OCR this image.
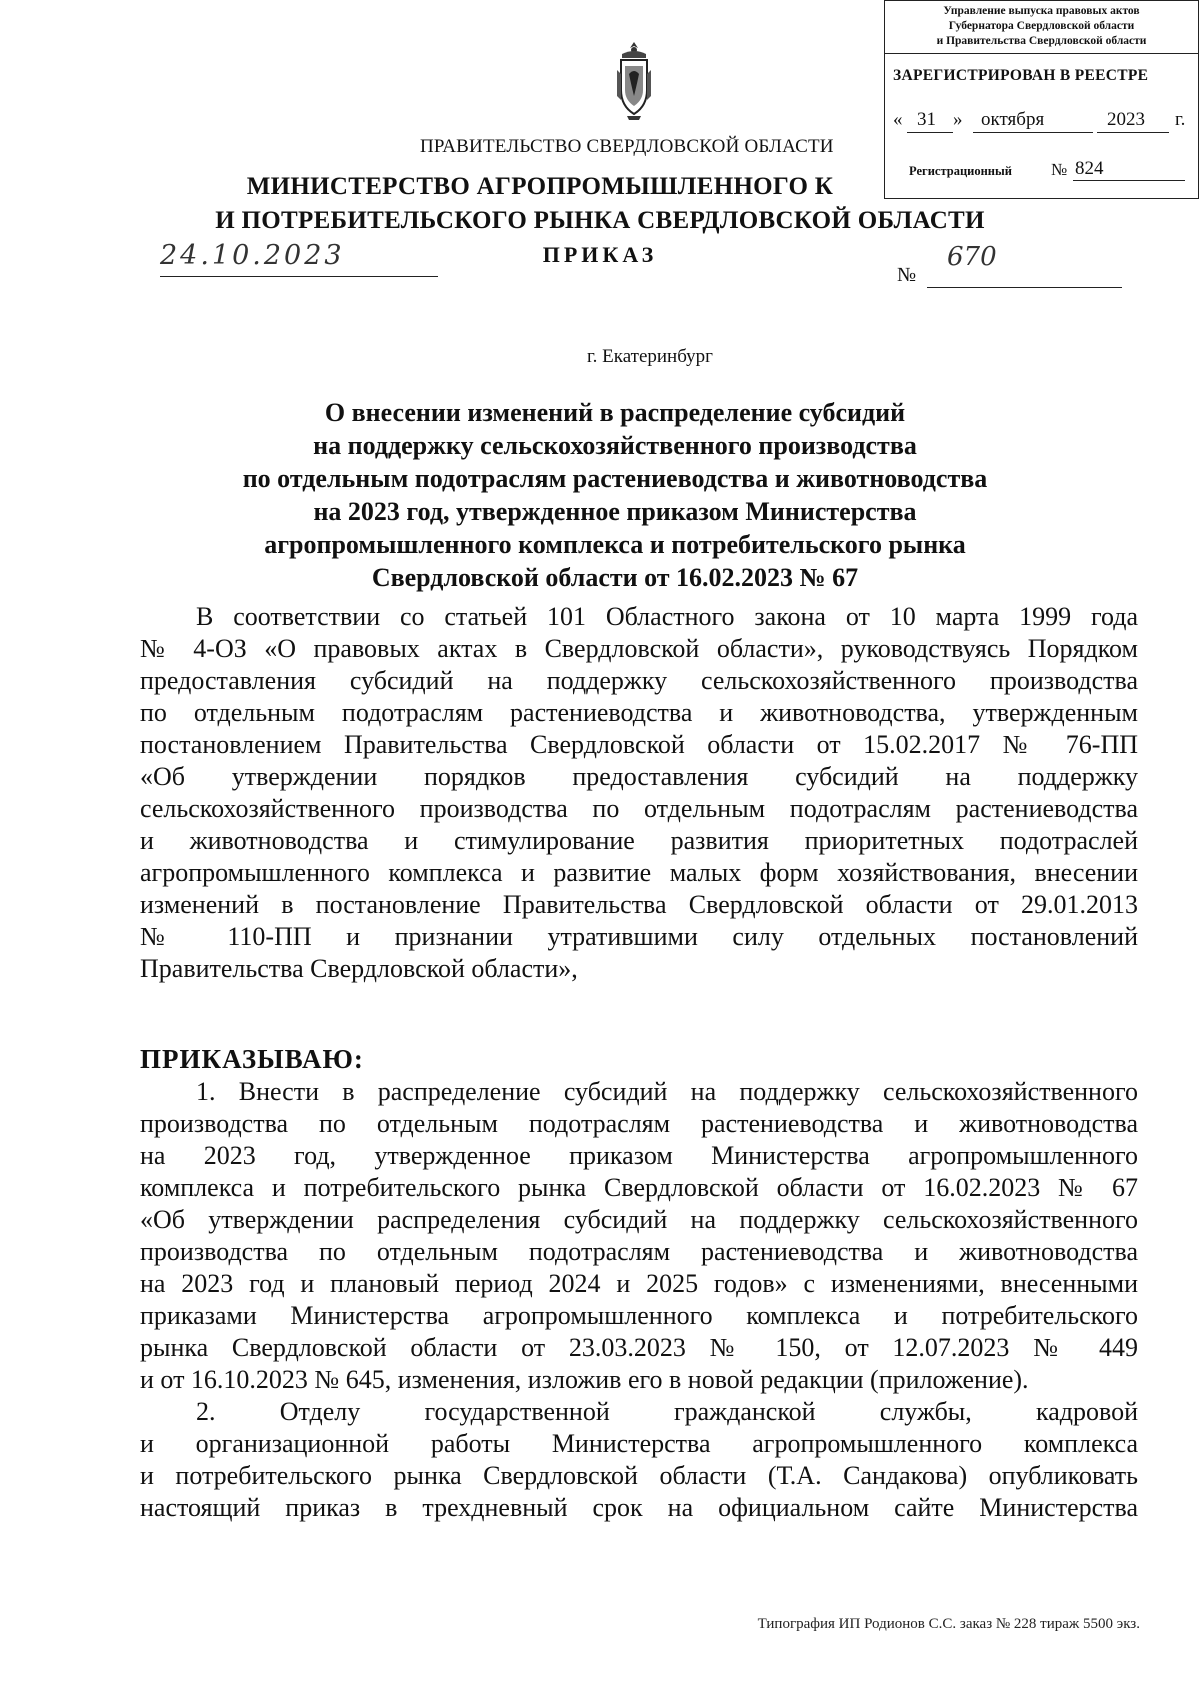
Управление выпуска правовых актов
Губернатора Свердловской области
и Правительства Свердловской области
ЗАРЕГИСТРИРОВАН В РЕЕСТРЕ
« 31 » октября	2023 г.
Регистрационный № 824
ПРАВИТЕЛЬСТВО СВЕРДЛОВСКОЙ ОБЛАСТИ
МИНИСТЕРСТВО АГРОПРОМЫШЛЕННОГО К
И ПОТРЕБИТЕЛЬСКОГО РЫНКА СВЕРДЛОВСКОЙ ОБЛАСТИ
ПРИКАЗ
24.10.2023
№
670
г. Екатеринбург
О внесении изменений в распределение субсидий
на поддержку сельскохозяйственного производства
по отдельным подотраслям растениеводства и животноводства
на 2023 год, утвержденное приказом Министерства
агропромышленного комплекса и потребительского рынка
Свердловской области от 16.02.2023 № 67
В соответствии со статьей 101 Областного закона от 10 марта 1999 года
№ 4-ОЗ «О правовых актах в Свердловской области», руководствуясь Порядком
предоставления субсидий на поддержку сельскохозяйственного производства
по отдельным подотраслям растениеводства и животноводства, утвержденным
постановлением Правительства Свердловской области от 15.02.2017 № 76-ПП
«Об утверждении порядков предоставления субсидий на поддержку
сельскохозяйственного производства по отдельным подотраслям растениеводства
и животноводства и стимулирование развития приоритетных подотраслей
агропромышленного комплекса и развитие малых форм хозяйствования, внесении
изменений в постановление Правительства Свердловской области от 29.01.2013
№ 110-ПП и признании утратившими силу отдельных постановлений
Правительства Свердловской области»,
ПРИКАЗЫВАЮ:
1. Внести в распределение субсидий на поддержку сельскохозяйственного
производства по отдельным подотраслям растениеводства и животноводства
на 2023 год, утвержденное приказом Министерства агропромышленного
комплекса и потребительского рынка Свердловской области от 16.02.2023 № 67
«Об утверждении распределения субсидий на поддержку сельскохозяйственного
производства по отдельным подотраслям растениеводства и животноводства
на 2023 год и плановый период 2024 и 2025 годов» с изменениями, внесенными
приказами Министерства агропромышленного комплекса и потребительского
рынка Свердловской области от 23.03.2023 № 150, от 12.07.2023 № 449
и от 16.10.2023 № 645, изменения, изложив его в новой редакции (приложение).
2. Отделу государственной гражданской службы, кадровой
и организационной работы Министерства агропромышленного комплекса
и потребительского рынка Свердловской области (Т.А. Сандакова) опубликовать
настоящий приказ в трехдневный срок на официальном сайте Министерства
Типография ИП Родионов С.С. заказ № 228 тираж 5500 экз.
